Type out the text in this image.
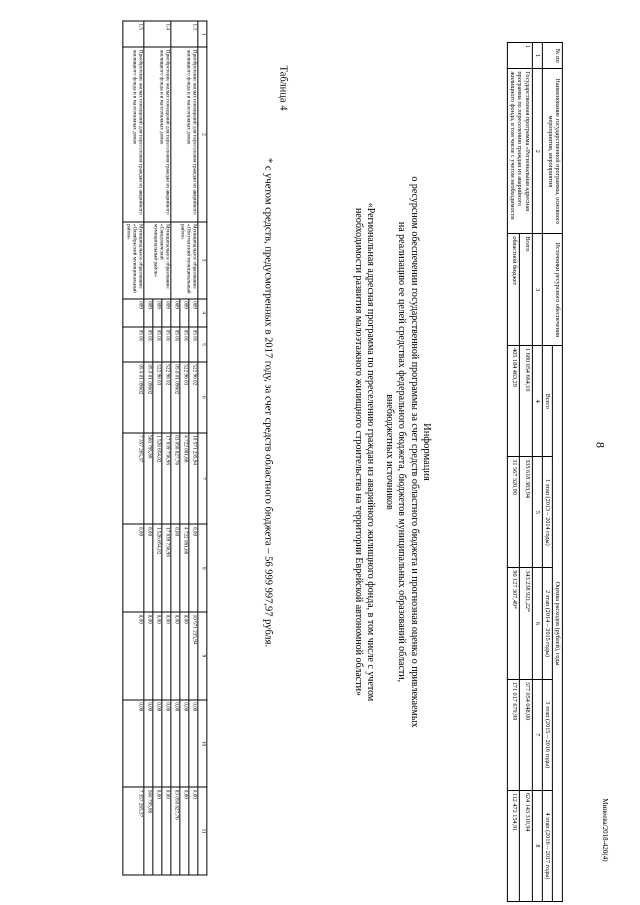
8
1	2	3	4	5	6	7	8	9	10	11
1.3	Приобретение жилых помещений для переселения граждан из аварийного жилищного фонда и в малоэтажных домах	Муниципальное образование «Облученский муниципальный район»	009	05 01	522 96 02	10 571 235,94	0,00	10 571 235,94	0,00	0,00
			009	05 01	522 96 03	4 722 081,68	4 722 081,68	0,00	0,00	0,00
			009	05 01	05 0 01 09602	83 058 827,76	0,00	0,00	0,00	83 058 827,76
1.4	Приобретение жилых помещений для переселения граждан из аварийного жилищного фонда и в малоэтажных домах	Муниципальное образование «Смидовичский муниципальный район»	009	05 01	522 96 02	17 839 736,98	17 839 736,98	0,00	0,00	0,00
			009	05 01	522 96 03	1 526 654,02	1 526 654,02	0,00	0,00	0,00
			009	05 01	05 0 01 09602	560 795,88	0,00	0,00	0,00	560 795,88
1.5	Приобретение жилых помещений для переселения граждан из аварийного жилищного фонда и в малоэтажных домах	Муниципальное образование «Октябрьский муниципальный район»	009	05 01	05 0 01 09602	7 357 265,37	0,00	0,00	0,00	7 357 265,37
* с учетом средств, предусмотренных в 2017 году, за счет средств областного бюджета – 56 999 997,97 рубля.
Таблица 4
Информация
о ресурсном обеспечении государственной программы за счет средств областного бюджета и прогнозная оценка о привлекаемых
на реализацию ее целей средствах федерального бюджета, бюджетов муниципальных образований области,
внебюджетных источников
«Региональная адресная программа по переселению граждан из аварийного жилищного фонда, в том числе с учетом
необходимости развития малоэтажного жилищного строительства на территории Еврейской автономной области»
№ пп	Наименование государственной программы, основного мероприятия, мероприятия	Источники ресурсного обеспечения	Оценка расходов (рублей), годы				
			Всего	1 этап (2013 – 2014 годы)	2 этап (2014 – 2015 годы)	3 этап (2015 – 2016 годы)	4 этап (2016 – 2017 годы)
1	2	3	4	5	6	7	8
1	Государственная программа «Региональная адресная программа по переселению граждан из аварийного жилищного фонда, в том числе с учетом необходимости	Всего	1 680 054 664,10	335 618 383,94	343 238 921,22*	377 054 048,00	624 143 310,94
		областной бюджет	405 184 463,29	31 567 320,90	90 127 307,49*	171 017 679,99	112 472 154,91	Минеева/2018-420(4)
